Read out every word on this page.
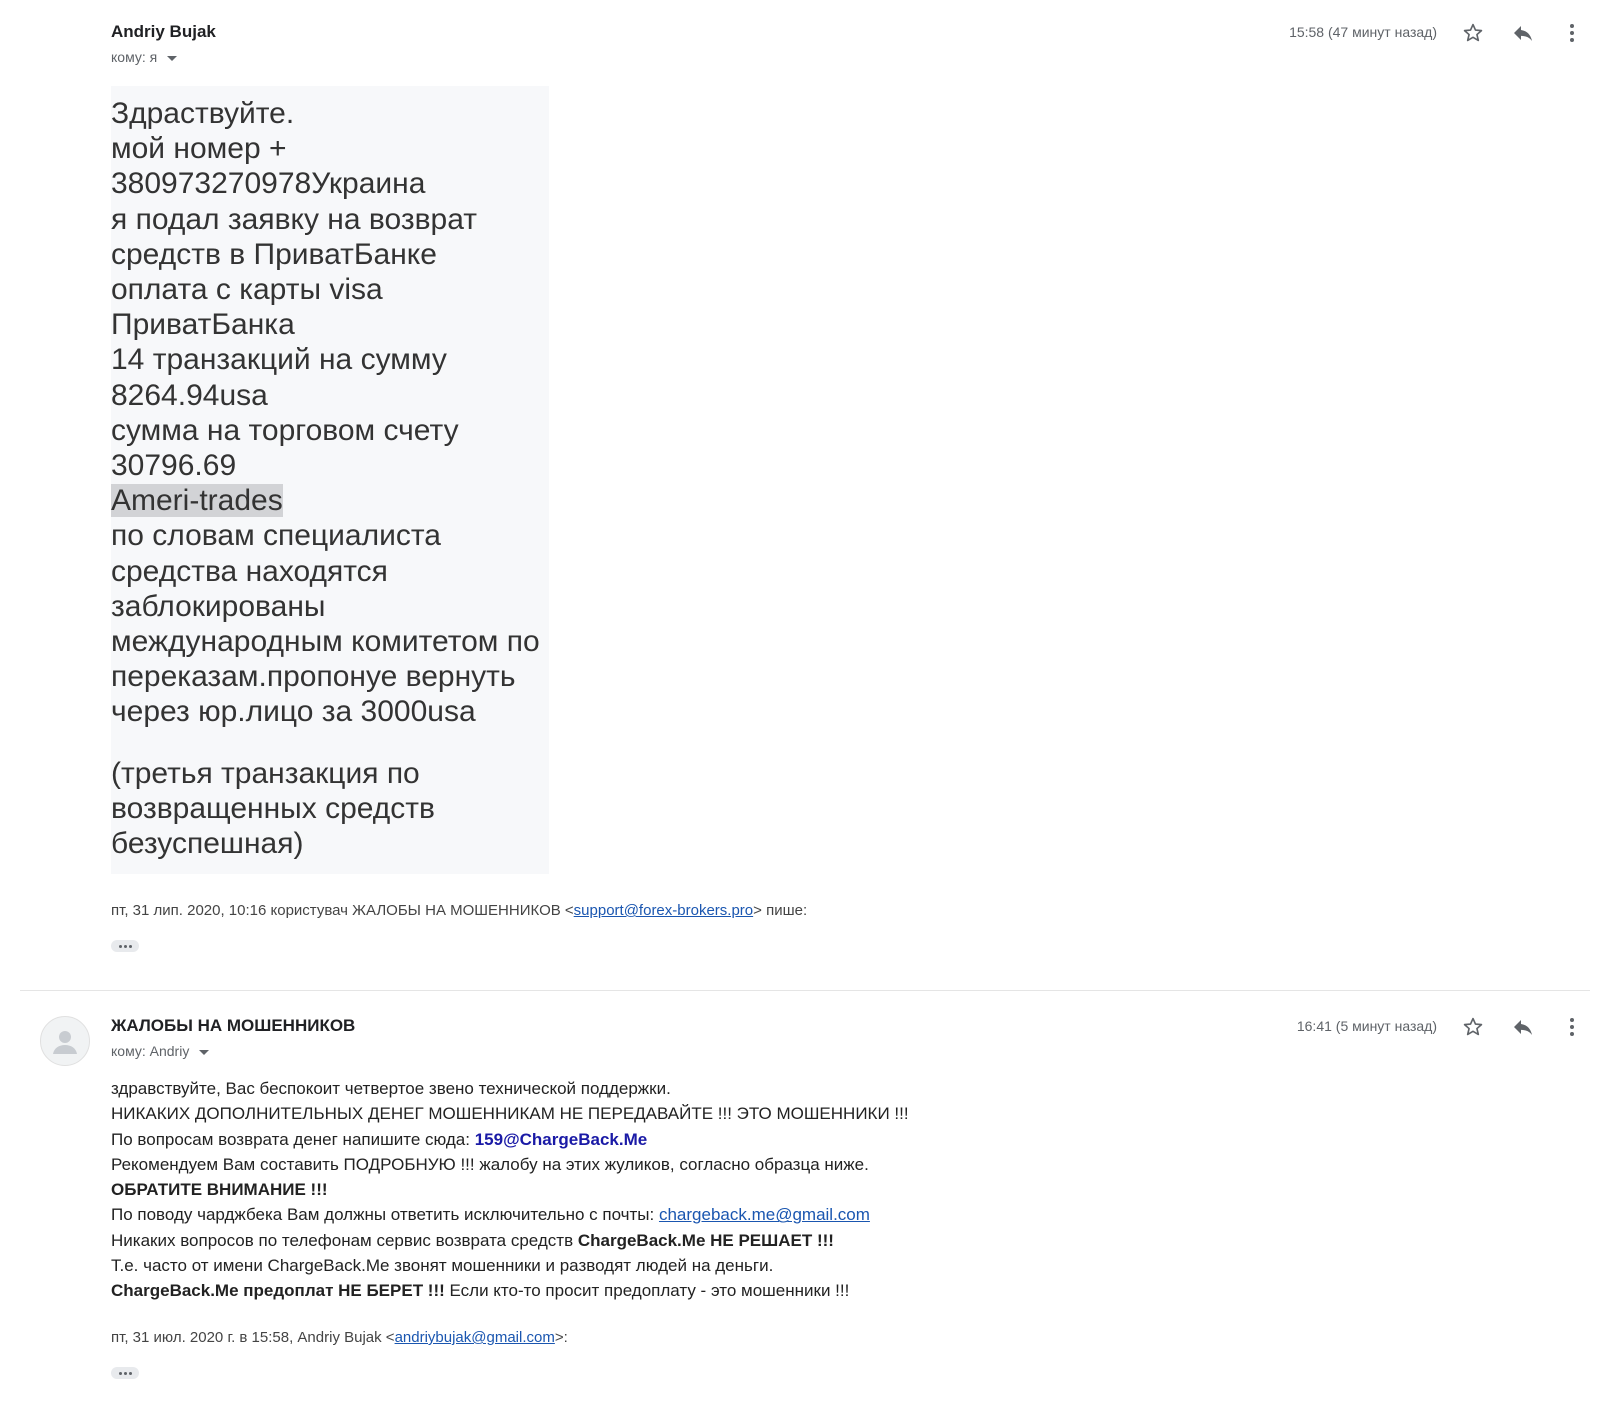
Andriy Bujak
кому: я
15:58 (47 минут назад)
Здраствуйте.
мой номер +
380973270978Украина
я подал заявку на возврат
средств в ПриватБанке
оплата с карты visa
ПриватБанка
14 транзакций на сумму
8264.94usa
сумма на торговом счету
30796.69
Ameri-trades
по словам специалиста
средства находятся
заблокированы
международным комитетом по
переказам.пропонуе вернуть
через юр.лицо за 3000usa
(третья транзакция по
возвращенных средств
безуспешная)
пт, 31 лип. 2020, 10:16 користувач ЖАЛОБЫ НА МОШЕННИКОВ <support@forex-brokers.pro> пише:
ЖАЛОБЫ НА МОШЕННИКОВ
кому: Andriy
16:41 (5 минут назад)
здравствуйте, Вас беспокоит четвертое звено технической поддержки.
НИКАКИХ ДОПОЛНИТЕЛЬНЫХ ДЕНЕГ МОШЕННИКАМ НЕ ПЕРЕДАВАЙТЕ !!! ЭТО МОШЕННИКИ !!!
По вопросам возврата денег напишите сюда: 159@ChargeBack.Me
Рекомендуем Вам составить ПОДРОБНУЮ !!! жалобу на этих жуликов, согласно образца ниже.
ОБРАТИТЕ ВНИМАНИЕ !!!
По поводу чарджбека Вам должны ответить исключительно с почты: chargeback.me@gmail.com
Никаких вопросов по телефонам сервис возврата средств ChargeBack.Me НЕ РЕШАЕТ !!!
Т.е. часто от имени ChargeBack.Me звонят мошенники и разводят людей на деньги.
ChargeBack.Me предоплат НЕ БЕРЕТ !!! Если кто-то просит предоплату - это мошенники !!!
пт, 31 июл. 2020 г. в 15:58, Andriy Bujak <andriybujak@gmail.com>:
